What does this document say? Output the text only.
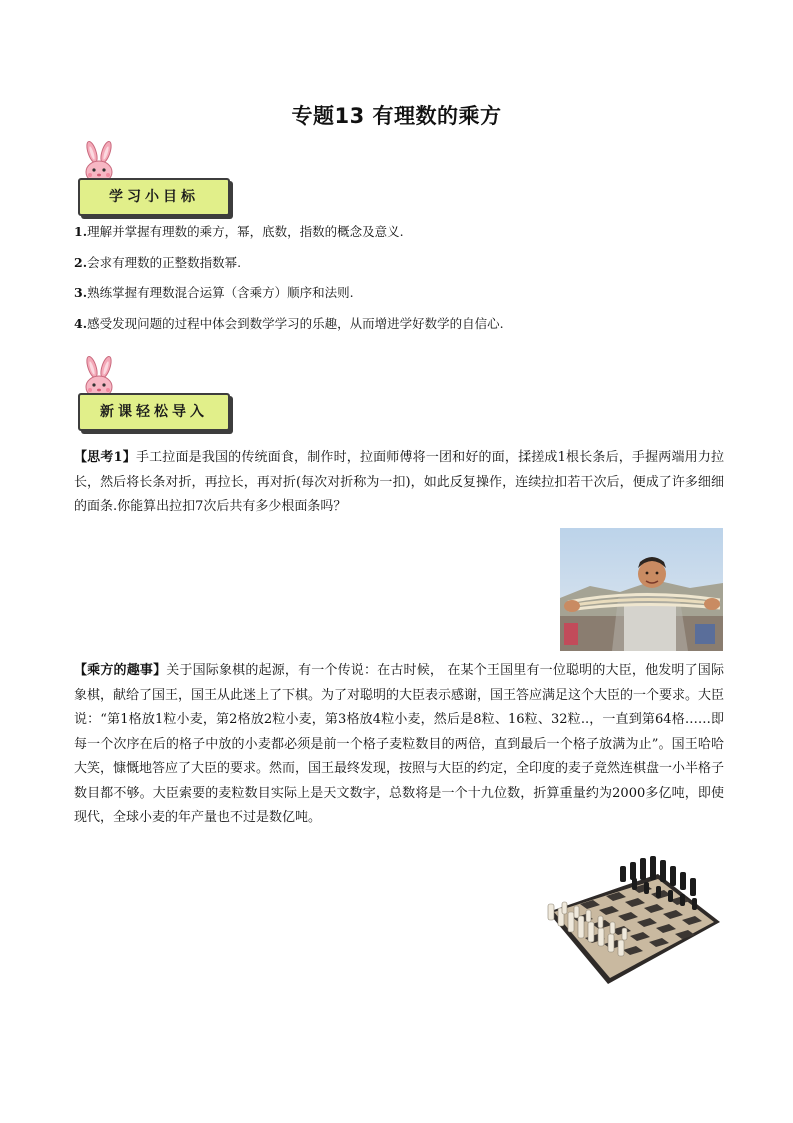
专题13 有理数的乘方
学习小目标
1.理解并掌握有理数的乘方，幂，底数，指数的概念及意义.
2.会求有理数的正整数指数幂.
3.熟练掌握有理数混合运算（含乘方）顺序和法则.
4.感受发现问题的过程中体会到数学学习的乐趣，从而增进学好数学的自信心.
新课轻松导入
【思考1】手工拉面是我国的传统面食，制作时，拉面师傅将一团和好的面，揉搓成1根长条后，手握两端用力拉长，然后将长条对折，再拉长，再对折(每次对折称为一扣)，如此反复操作，连续拉扣若干次后，便成了许多细细的面条.你能算出拉扣7次后共有多少根面条吗？
【乘方的趣事】关于国际象棋的起源，有一个传说：在古时候， 在某个王国里有一位聪明的大臣，他发明了国际象棋，献给了国王，国王从此迷上了下棋。为了对聪明的大臣表示感谢，国王答应满足这个大臣的一个要求。大臣说：“第1格放1粒小麦，第2格放2粒小麦，第3格放4粒小麦，然后是8粒、16粒、32粒..，一直到第64格……即每一个次序在后的格子中放的小麦都必须是前一个格子麦粒数目的两倍，直到最后一个格子放满为止”。国王哈哈大笑，慷慨地答应了大臣的要求。然而，国王最终发现，按照与大臣的约定，全印度的麦子竟然连棋盘一小半格子数目都不够。大臣索要的麦粒数目实际上是天文数字，总数将是一个十九位数，折算重量约为2000多亿吨，即使现代，全球小麦的年产量也不过是数亿吨。
